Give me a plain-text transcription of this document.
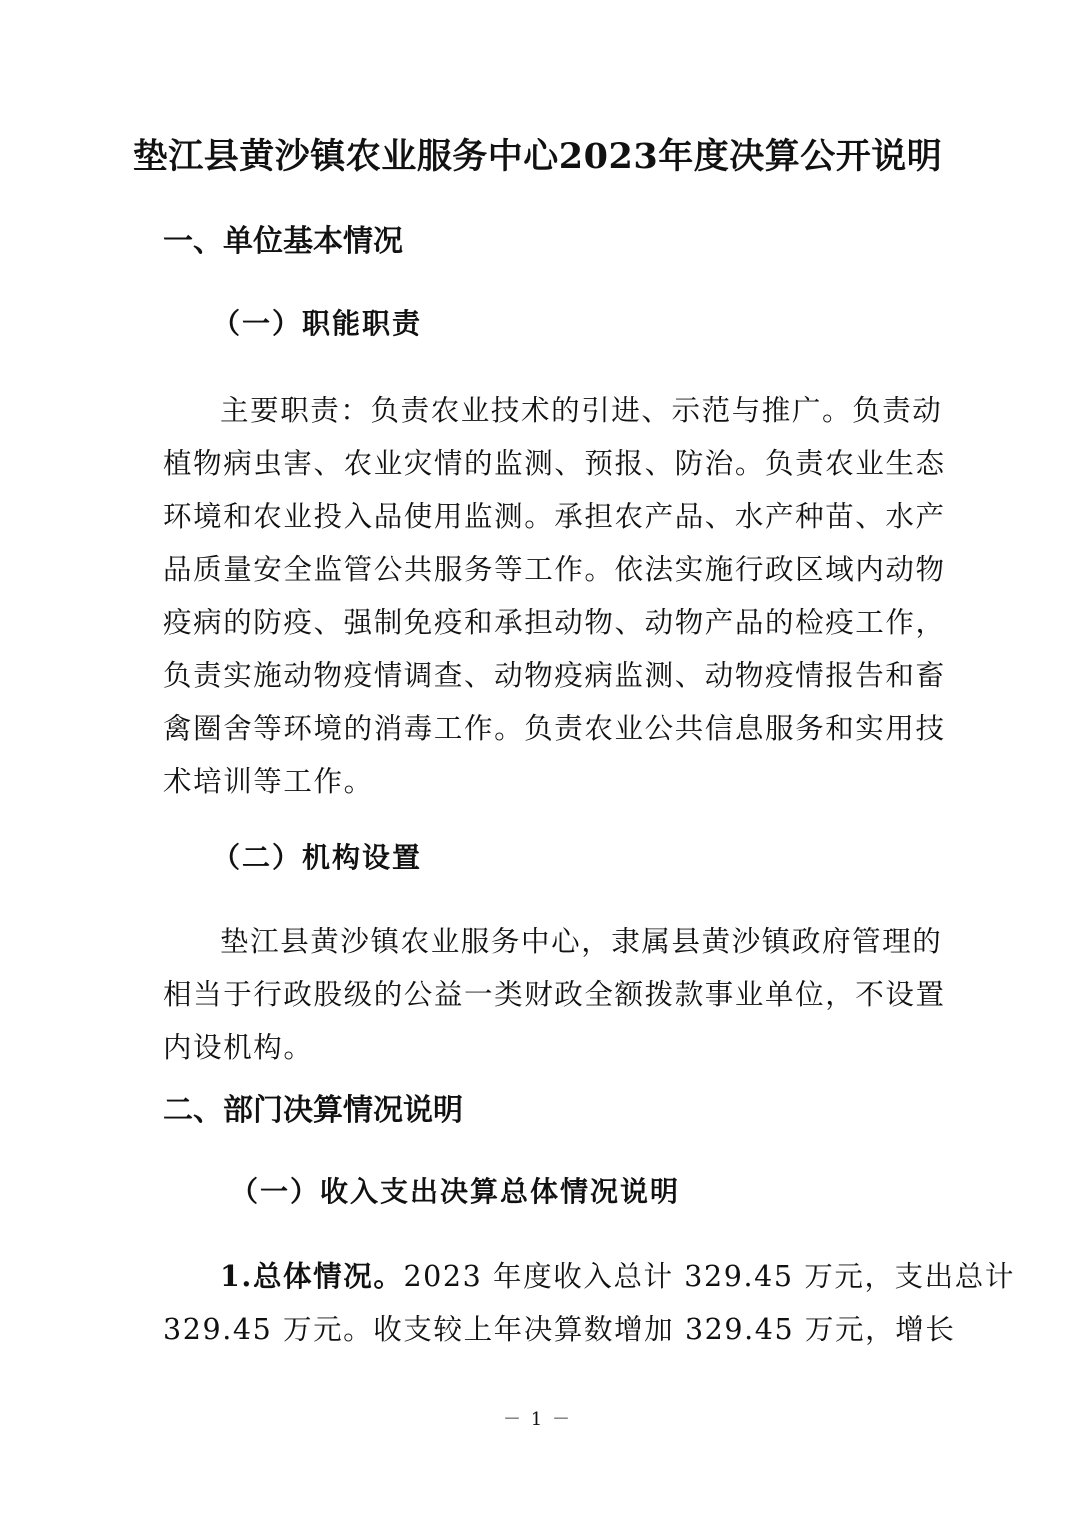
垫江县黄沙镇农业服务中心2023年度决算公开说明
一、单位基本情况
（一）职能职责
主要职责：负责农业技术的引进、示范与推广。负责动
植物病虫害、农业灾情的监测、预报、防治。负责农业生态
环境和农业投入品使用监测。承担农产品、水产种苗、水产
品质量安全监管公共服务等工作。依法实施行政区域内动物
疫病的防疫、强制免疫和承担动物、动物产品的检疫工作，
负责实施动物疫情调查、动物疫病监测、动物疫情报告和畜
禽圈舍等环境的消毒工作。负责农业公共信息服务和实用技
术培训等工作。
（二）机构设置
垫江县黄沙镇农业服务中心，隶属县黄沙镇政府管理的
相当于行政股级的公益一类财政全额拨款事业单位，不设置
内设机构。
二、部门决算情况说明
（一）收入支出决算总体情况说明
1.总体情况。2023 年度收入总计 329.45 万元，支出总计
329.45 万元。收支较上年决算数增加 329.45 万元，增长
－ 1 －
